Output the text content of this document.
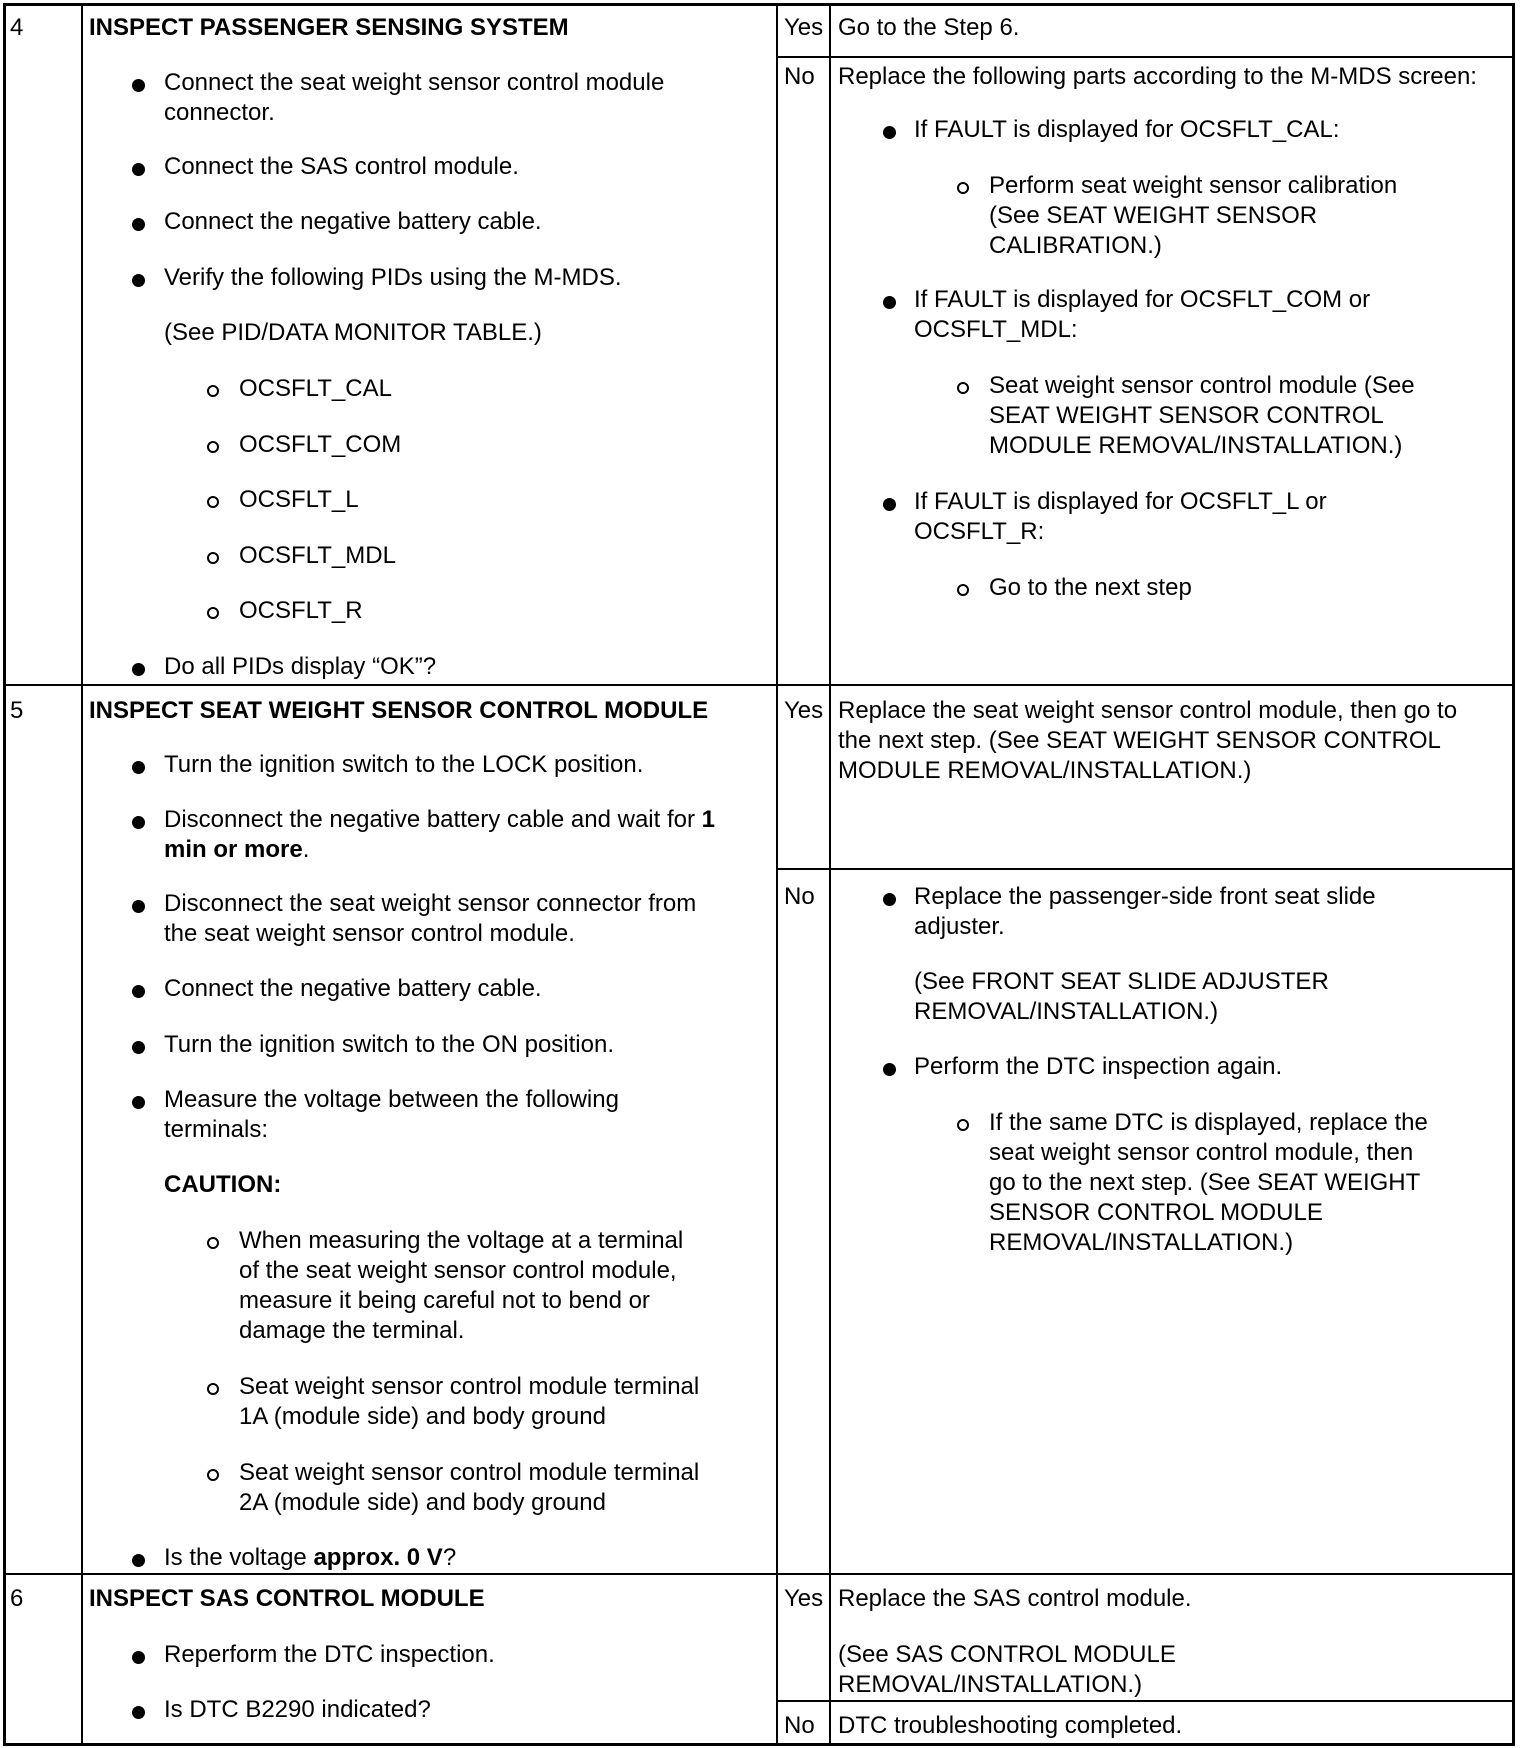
4	INSPECT PASSENGER SENSING SYSTEM
Connect the seat weight sensor control module
connector.
Connect the SAS control module.
Connect the negative battery cable.
Verify the following PIDs using the M-MDS.
(See PID/DATA MONITOR TABLE.)
OCSFLT_CAL
OCSFLT_COM
OCSFLT_L
OCSFLT_MDL
OCSFLT_R
Do all PIDs display “OK”?
Yes Go to the Step 6.
No Replace the following parts according to the M-MDS screen:
If FAULT is displayed for OCSFLT_CAL:
Perform seat weight sensor calibration
(See SEAT WEIGHT SENSOR
CALIBRATION.)
If FAULT is displayed for OCSFLT_COM or
OCSFLT_MDL:
Seat weight sensor control module (See
SEAT WEIGHT SENSOR CONTROL
MODULE REMOVAL/INSTALLATION.)
If FAULT is displayed for OCSFLT_L or
OCSFLT_R:
Go to the next step
5	INSPECT SEAT WEIGHT SENSOR CONTROL MODULE
Turn the ignition switch to the LOCK position.
Disconnect the negative battery cable and wait for 1
min or more.
Disconnect the seat weight sensor connector from
the seat weight sensor control module.
Connect the negative battery cable.
Turn the ignition switch to the ON position.
Measure the voltage between the following
terminals:
CAUTION:
When measuring the voltage at a terminal
of the seat weight sensor control module,
measure it being careful not to bend or
damage the terminal.
Seat weight sensor control module terminal
1A (module side) and body ground
Seat weight sensor control module terminal
2A (module side) and body ground
Is the voltage approx. 0 V?
Yes Replace the seat weight sensor control module, then go to
the next step. (See SEAT WEIGHT SENSOR CONTROL
MODULE REMOVAL/INSTALLATION.)
No	Replace the passenger-side front seat slide
adjuster.
(See FRONT SEAT SLIDE ADJUSTER
REMOVAL/INSTALLATION.)
Perform the DTC inspection again.
If the same DTC is displayed, replace the
seat weight sensor control module, then
go to the next step. (See SEAT WEIGHT
SENSOR CONTROL MODULE
REMOVAL/INSTALLATION.)
6	INSPECT SAS CONTROL MODULE
Reperform the DTC inspection.
Is DTC B2290 indicated?
Yes Replace the SAS control module.
(See SAS CONTROL MODULE
REMOVAL/INSTALLATION.)
No DTC troubleshooting completed.
